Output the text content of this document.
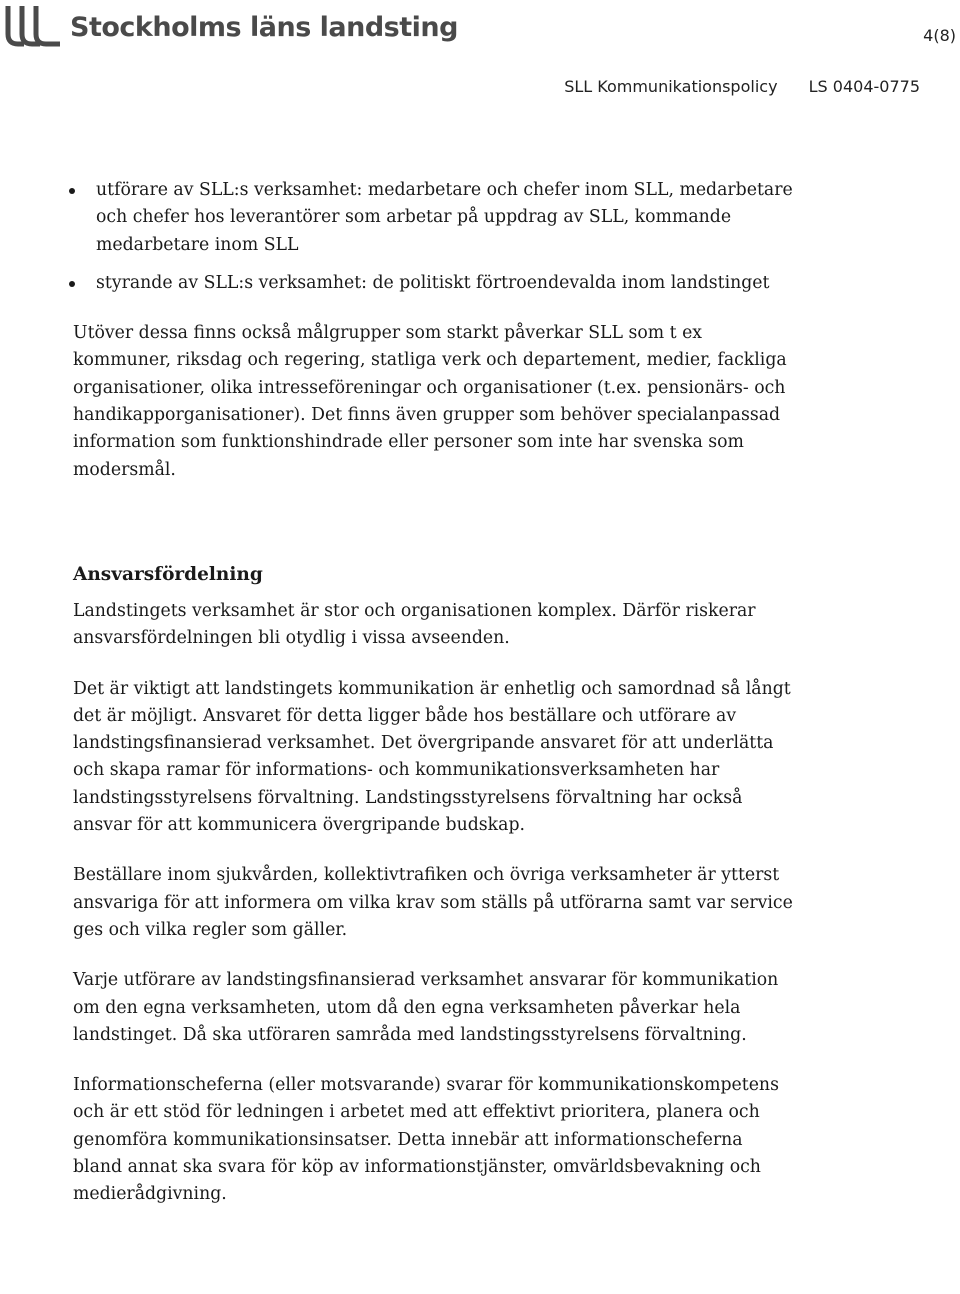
Stockholms läns landsting	4(8)
SLL Kommunikationspolicy LS 0404-0775
utförare av SLL:s verksamhet: medarbetare och chefer inom SLL, medarbetare och chefer hos leverantörer som arbetar på uppdrag av SLL, kommande medarbetare inom SLL
styrande av SLL:s verksamhet: de politiskt förtroendevalda inom landstinget

Utöver dessa finns också målgrupper som starkt påverkar SLL som t ex kommuner, riksdag och regering, statliga verk och departement, medier, fackliga organisationer, olika intresseföreningar och organisationer (t.ex. pensionärs- och handikapporganisationer). Det finns även grupper som behöver specialanpassad information som funktionshindrade eller personer som inte har svenska som modersmål.

Ansvarsfördelning

Landstingets verksamhet är stor och organisationen komplex. Därför riskerar ansvarsfördelningen bli otydlig i vissa avseenden.

Det är viktigt att landstingets kommunikation är enhetlig och samordnad så långt det är möjligt. Ansvaret för detta ligger både hos beställare och utförare av landstingsfinansierad verksamhet. Det övergripande ansvaret för att underlätta och skapa ramar för informations- och kommunikationsverksamheten har landstingsstyrelsens förvaltning. Landstingsstyrelsens förvaltning har också ansvar för att kommunicera övergripande budskap.

Beställare inom sjukvården, kollektivtrafiken och övriga verksamheter är ytterst ansvariga för att informera om vilka krav som ställs på utförarna samt var service ges och vilka regler som gäller.

Varje utförare av landstingsfinansierad verksamhet ansvarar för kommunikation om den egna verksamheten, utom då den egna verksamheten påverkar hela landstinget. Då ska utföraren samråda med landstingsstyrelsens förvaltning.

Informationscheferna (eller motsvarande) svarar för kommunikationskompetens och är ett stöd för ledningen i arbetet med att effektivt prioritera, planera och genomföra kommunikationsinsatser. Detta innebär att informationscheferna bland annat ska svara för köp av informationstjänster, omvärldsbevakning och medierådgivning.
